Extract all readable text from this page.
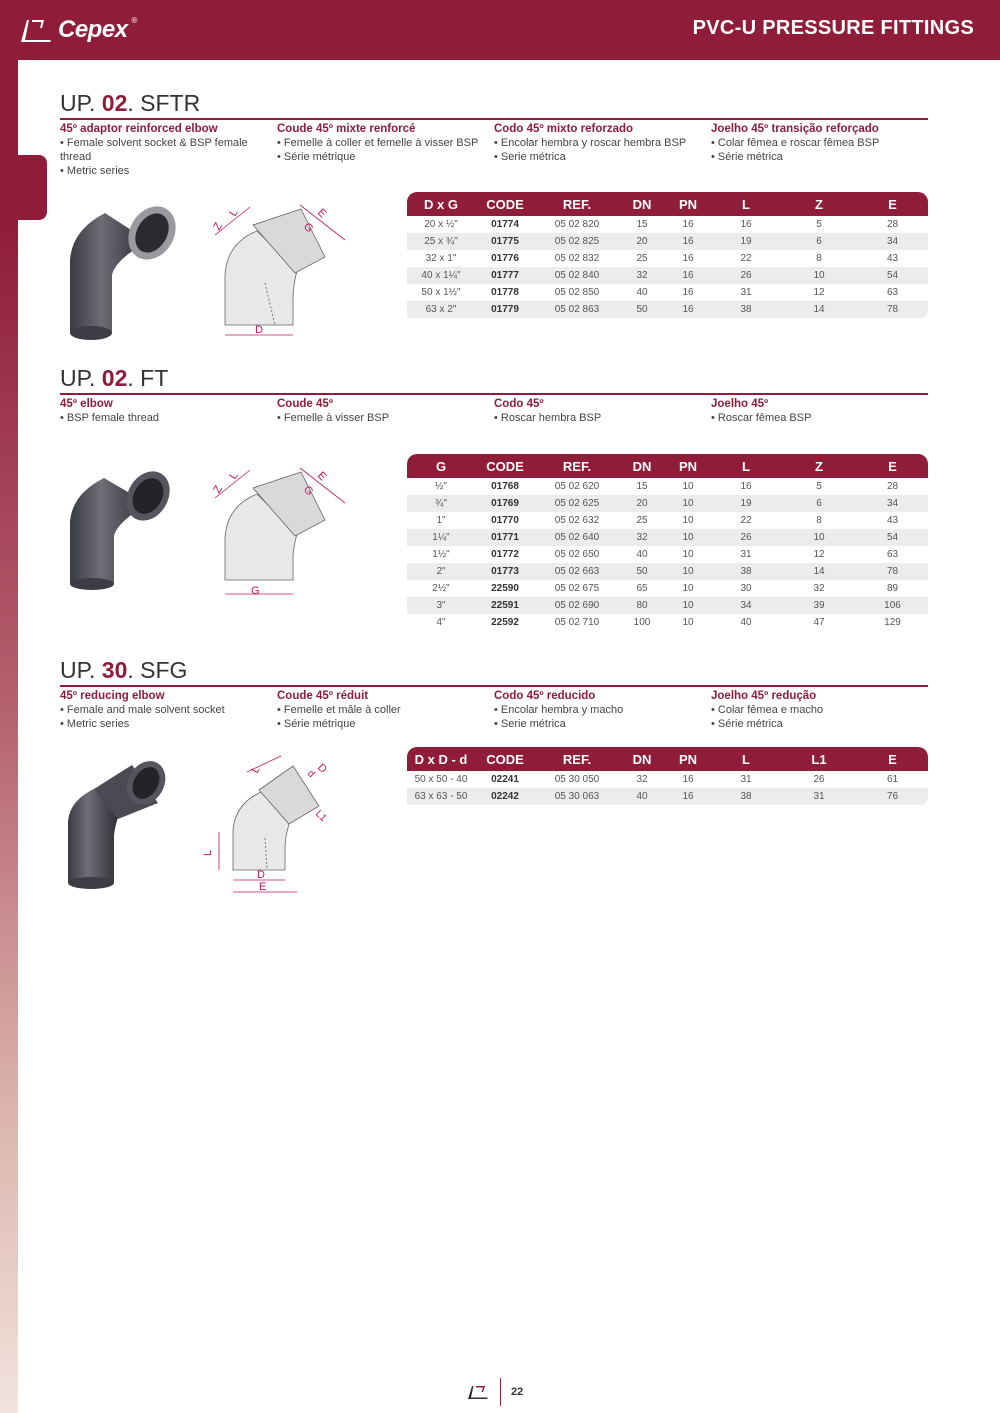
Cepex ®	PVC-U PRESSURE FITTINGS
UP. 02. SFTR
45º adaptor reinforced elbow
• Female solvent socket & BSP female thread
• Metric series
Coude 45º mixte renforcé
• Femelle à coller et femelle à visser BSP
• Série métrique
Codo 45º mixto reforzado
• Encolar hembra y roscar hembra BSP
• Serie métrica
Joelho 45º transição reforçado
• Colar fêmea e roscar fêmea BSP
• Série métrica
Z
L
G
E
D
D x G	CODE	REF.	DN	PN	L	Z	E
20 x ½"	01774	05 02 820	15	16	16	5	28
25 x ¾"	01775	05 02 825	20	16	19	6	34
32 x 1"	01776	05 02 832	25	16	22	8	43
40 x 1¼"	01777	05 02 840	32	16	26	10	54
50 x 1½"	01778	05 02 850	40	16	31	12	63
63 x 2"	01779	05 02 863	50	16	38	14	78
UP. 02. FT
45º elbow
• BSP female thread
Coude 45º
• Femelle à visser BSP
Codo 45º
• Roscar hembra BSP
Joelho 45º
• Roscar fêmea BSP
Z
L
G
E
G
G	CODE	REF.	DN	PN	L	Z	E
½"	01768	05 02 620	15	10	16	5	28
¾"	01769	05 02 625	20	10	19	6	34
1"	01770	05 02 632	25	10	22	8	43
1¼"	01771	05 02 640	32	10	26	10	54
1½"	01772	05 02 650	40	10	31	12	63
2"	01773	05 02 663	50	10	38	14	78
2½"	22590	05 02 675	65	10	30	32	89
3"	22591	05 02 690	80	10	34	39	106
4"	22592	05 02 710	100	10	40	47	129
UP. 30. SFG
45º reducing elbow
• Female and male solvent socket
• Metric series
Coude 45º réduit
• Femelle et mâle à coller
• Série métrique
Codo 45º reducido
• Encolar hembra y macho
• Serie métrica
Joelho 45º redução
• Colar fêmea e macho
• Série métrica
L	D
d
L1
L
D
E
D x D - d	CODE	REF.	DN	PN	L	L1	E
50 x 50 - 40	02241	05 30 050	32	16	31	26	61
63 x 63 - 50	02242	05 30 063	40	16	38	31	76
22
